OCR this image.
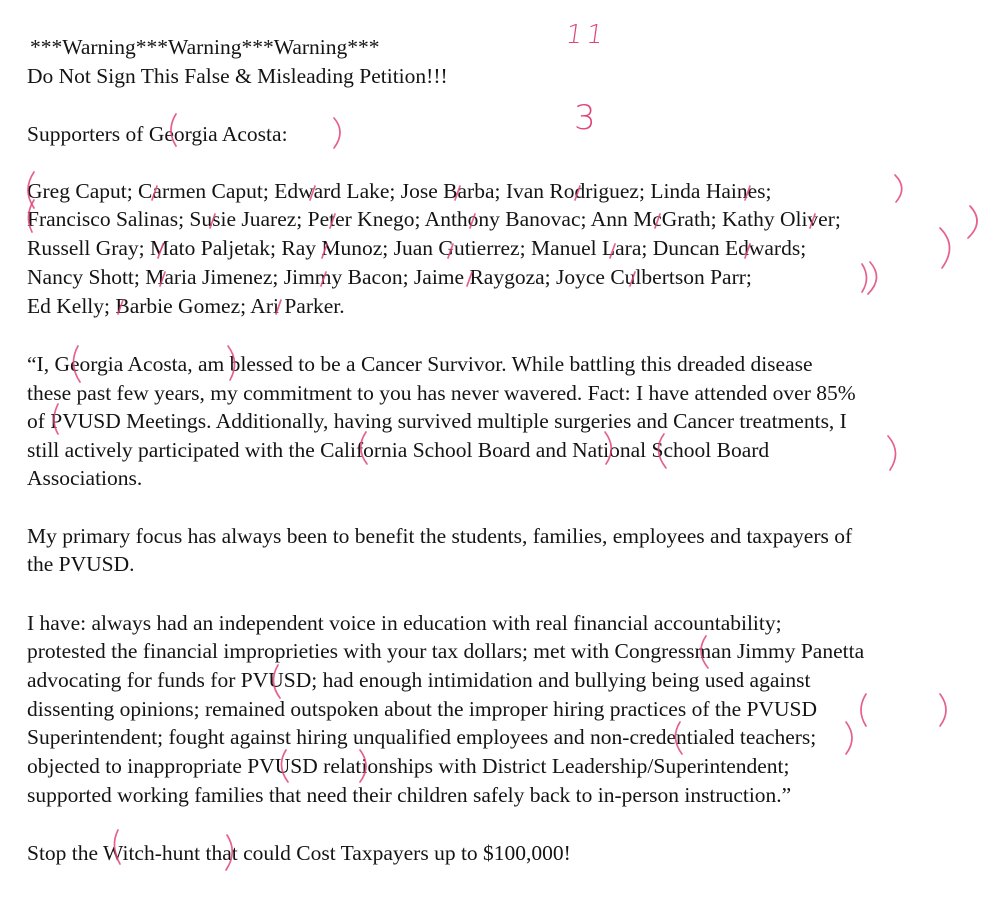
***Warning***Warning***Warning***
Do Not Sign This False & Misleading Petition!!!
Supporters of Georgia Acosta:
Greg Caput; Carmen Caput; Edward Lake; Jose Barba; Ivan Rodriguez; Linda Haines;
Francisco Salinas; Susie Juarez; Peter Knego; Anthony Banovac; Ann McGrath; Kathy Oliver;
Russell Gray; Mato Paljetak; Ray Munoz; Juan Gutierrez; Manuel Lara; Duncan Edwards;
Nancy Shott; Maria Jimenez; Jimmy Bacon; Jaime Raygoza; Joyce Culbertson Parr;
Ed Kelly; Barbie Gomez; Ari Parker.
“I, Georgia Acosta, am blessed to be a Cancer Survivor. While battling this dreaded disease
these past few years, my commitment to you has never wavered. Fact: I have attended over 85%
of PVUSD Meetings. Additionally, having survived multiple surgeries and Cancer treatments, I
still actively participated with the California School Board and National School Board
Associations.
My primary focus has always been to benefit the students, families, employees and taxpayers of
the PVUSD.
I have: always had an independent voice in education with real financial accountability;
protested the financial improprieties with your tax dollars; met with Congressman Jimmy Panetta
advocating for funds for PVUSD; had enough intimidation and bullying being used against
dissenting opinions; remained outspoken about the improper hiring practices of the PVUSD
Superintendent; fought against hiring unqualified employees and non-credentialed teachers;
objected to inappropriate PVUSD relationships with District Leadership/Superintendent;
supported working families that need their children safely back to in-person instruction.”
Stop the Witch-hunt that could Cost Taxpayers up to $100,000!
11
3
